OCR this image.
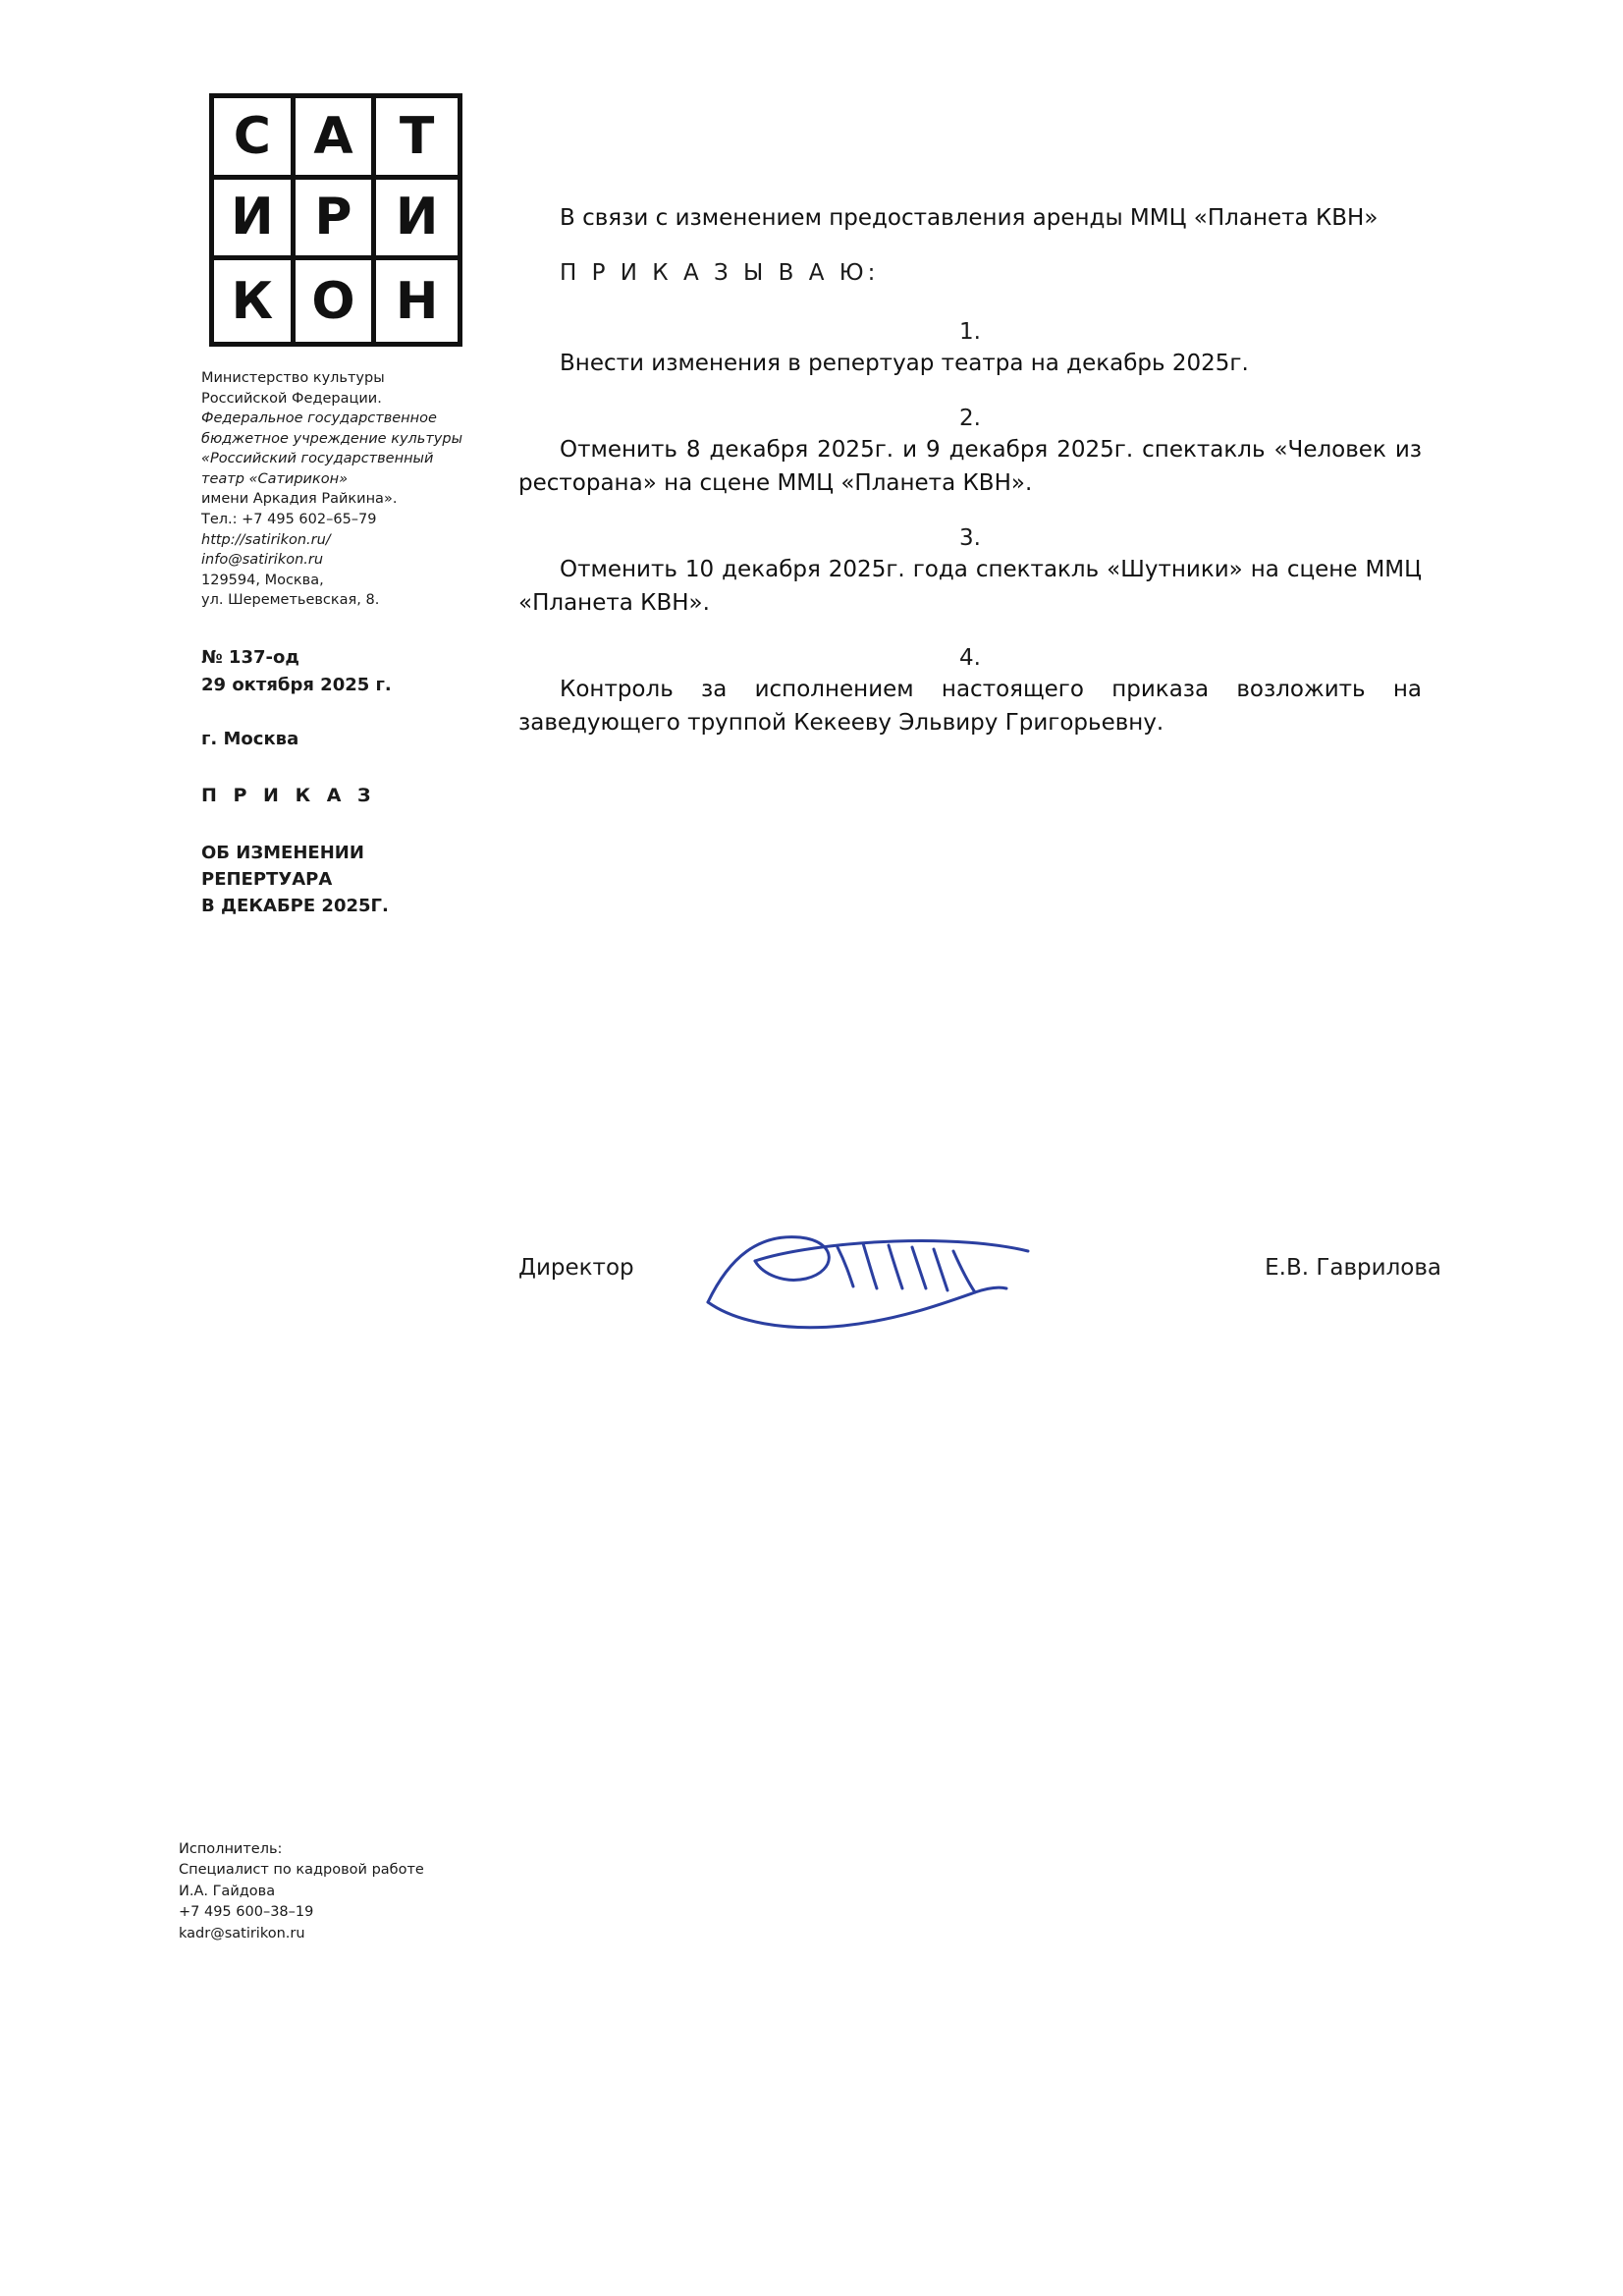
С A Т
И Р И
К О Н
Министерство культуры
Российской Федерации.
Федеральное государственное
бюджетное учреждение культуры
«Российский государственный
театр «Сатирикон»
имени Аркадия Райкина».
Тел.: +7 495 602–65–79
http://satirikon.ru/
info@satirikon.ru
129594, Москва,
ул. Шереметьевская, 8.
№ 137-од
29 октября 2025 г.
г. Москва
П Р И К А З
ОБ ИЗМЕНЕНИИ
РЕПЕРТУАРА
В ДЕКАБРЕ 2025Г.

В связи с изменением предоставления аренды ММЦ «Планета КВН»

П Р И К А З Ы В А Ю:
1.

Внести изменения в репертуар театра на декабрь 2025г.

2.

Отменить 8 декабря 2025г. и 9 декабря 2025г. спектакль «Человек из ресторана» на сцене ММЦ «Планета КВН».

3.

Отменить 10 декабря 2025г. года спектакль «Шутники» на сцене ММЦ «Планета КВН».

4.

Контроль за исполнением настоящего приказа возложить на заведующего труппой Кекееву Эльвиру Григорьевну.

Директор	Е.В. Гаврилова
Исполнитель:
Специалист по кадровой работе
И.А. Гайдова
+7 495 600–38–19
kadr@satirikon.ru
